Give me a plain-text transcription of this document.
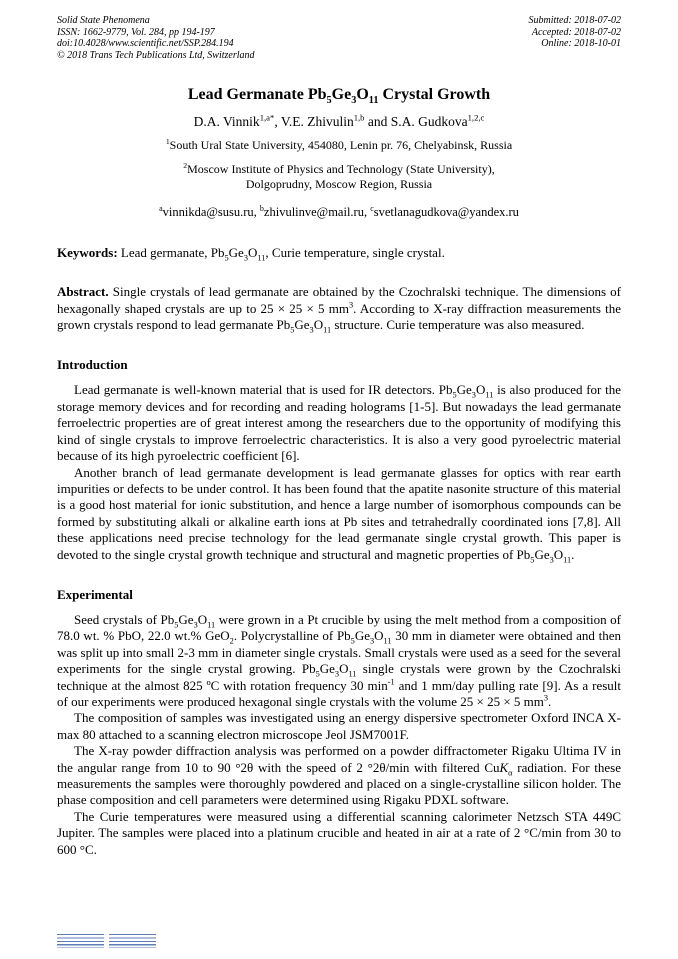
Solid State Phenomena
ISSN: 1662-9779, Vol. 284, pp 194-197
doi:10.4028/www.scientific.net/SSP.284.194
© 2018 Trans Tech Publications Ltd, Switzerland
Submitted: 2018-07-02
Accepted: 2018-07-02
Online: 2018-10-01
Lead Germanate $Pb_5Ge_3O_{11}$ Crystal Growth
D.A. Vinnik$^{1,a*}$, V.E. Zhivulin$^{1,b}$ and S.A. Gudkova$^{1,2,c}$
$^1$South Ural State University, 454080, Lenin pr. 76, Chelyabinsk, Russia
$^2$Moscow Institute of Physics and Technology (State University),
Dolgoprudny, Moscow Region, Russia
$^a$vinnikda@susu.ru, $^b$zhivulinve@mail.ru, $^c$svetlanagudkova@yandex.ru

Keywords: Lead germanate, $Pb_5Ge_3O_{11}$, Curie temperature, single crystal.

Abstract. Single crystals of lead germanate are obtained by the Czochralski technique. The dimensions of hexagonally shaped crystals are up to 25 × 25 × 5 $mm^3$. According to X-ray diffraction measurements the grown crystals respond to lead germanate $Pb_5Ge_3O_{11}$ structure. Curie temperature was also measured.

Introduction

Lead germanate is well-known material that is used for IR detectors. $Pb_5Ge_3O_{11}$ is also produced for the storage memory devices and for recording and reading holograms [1-5]. But nowadays the lead germanate ferroelectric properties are of great interest among the researchers due to the opportunity of modifying this kind of single crystals to improve ferroelectric characteristics. It is also a very good pyroelectric material because of its high pyroelectric coefficient [6].

Another branch of lead germanate development is lead germanate glasses for optics with rear earth impurities or defects to be under control. It has been found that the apatite nasonite structure of this material is a good host material for ionic substitution, and hence a large number of isomorphous compounds can be formed by substituting alkali or alkaline earth ions at Pb sites and tetrahedrally coordinated ions [7,8]. All these applications need precise technology for the lead germanate single crystal growth. This paper is devoted to the single crystal growth technique and structural and magnetic properties of $Pb_5Ge_3O_{11}$.

Experimental

Seed crystals of $Pb_5Ge_3O_{11}$ were grown in a Pt crucible by using the melt method from a composition of 78.0 wt. % PbO, 22.0 wt.% GeO$_2$. Polycrystalline of $Pb_5Ge_3O_{11}$ 30 mm in diameter were obtained and then was split up into small 2-3 mm in diameter single crystals. Small crystals were used as a seed for the several experiments for the single crystal growing. $Pb_5Ge_3O_{11}$ single crystals were grown by the Czochralski technique at the almost 825 ºC with rotation frequency 30 $\min^{-1}$ and 1 mm/day pulling rate [9]. As a result of our experiments were produced hexagonal single crystals with the volume 25 × 25 × 5 $mm^3$.

The composition of samples was investigated using an energy dispersive spectrometer Oxford INCA X-max 80 attached to a scanning electron microscope Jeol JSM7001F.

The X-ray powder diffraction analysis was performed on a powder diffractometer Rigaku Ultima IV in the angular range from 10 to 90 °2θ with the speed of 2 °2θ/min with filtered CuK$_\alpha$ radiation. For these measurements the samples were thoroughly powdered and placed on a single-crystalline silicon holder. The phase composition and cell parameters were determined using Rigaku PDXL software.

The Curie temperatures were measured using a differential scanning calorimeter Netzsch STA 449C Jupiter. The samples were placed into a platinum crucible and heated in air at a rate of 2 °C/min from 30 to 600 °C.
